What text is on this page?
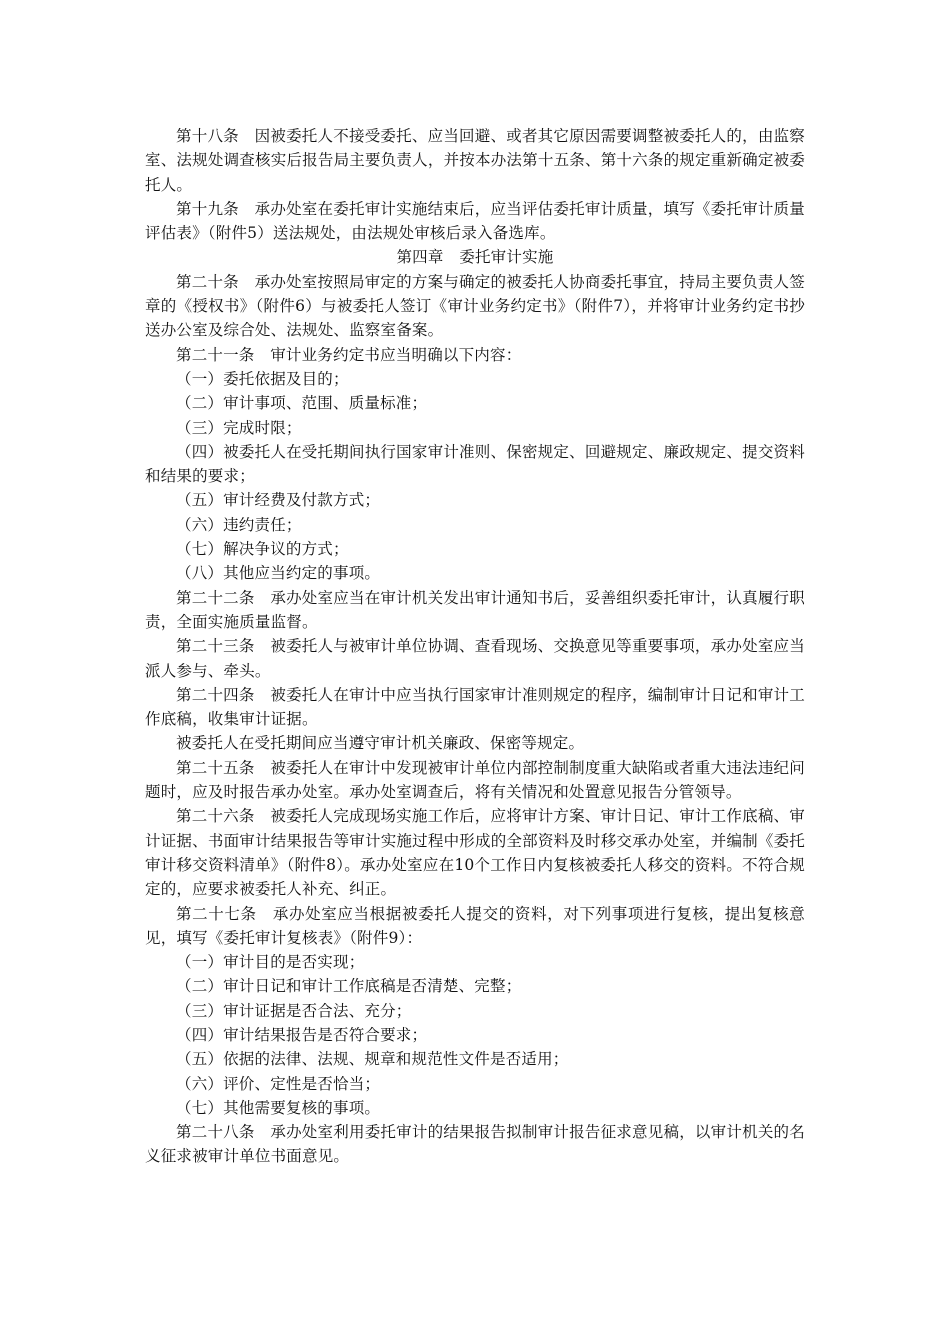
第十八条　因被委托人不接受委托、应当回避、或者其它原因需要调整被委托人的，由监察室、法规处调查核实后报告局主要负责人，并按本办法第十五条、第十六条的规定重新确定被委托人。

第十九条　承办处室在委托审计实施结束后，应当评估委托审计质量，填写《委托审计质量评估表》（附件5）送法规处，由法规处审核后录入备选库。

第四章　委托审计实施

第二十条　承办处室按照局审定的方案与确定的被委托人协商委托事宜，持局主要负责人签章的《授权书》（附件6）与被委托人签订《审计业务约定书》（附件7），并将审计业务约定书抄送办公室及综合处、法规处、监察室备案。

第二十一条　审计业务约定书应当明确以下内容：

（一）委托依据及目的；

（二）审计事项、范围、质量标准；

（三）完成时限；

（四）被委托人在受托期间执行国家审计准则、保密规定、回避规定、廉政规定、提交资料和结果的要求；

（五）审计经费及付款方式；

（六）违约责任；

（七）解决争议的方式；

（八）其他应当约定的事项。

第二十二条　承办处室应当在审计机关发出审计通知书后，妥善组织委托审计，认真履行职责，全面实施质量监督。

第二十三条　被委托人与被审计单位协调、查看现场、交换意见等重要事项，承办处室应当派人参与、牵头。

第二十四条　被委托人在审计中应当执行国家审计准则规定的程序，编制审计日记和审计工作底稿，收集审计证据。

被委托人在受托期间应当遵守审计机关廉政、保密等规定。

第二十五条　被委托人在审计中发现被审计单位内部控制制度重大缺陷或者重大违法违纪问题时，应及时报告承办处室。承办处室调查后，将有关情况和处置意见报告分管领导。

第二十六条　被委托人完成现场实施工作后，应将审计方案、审计日记、审计工作底稿、审计证据、书面审计结果报告等审计实施过程中形成的全部资料及时移交承办处室，并编制《委托审计移交资料清单》（附件8）。承办处室应在10个工作日内复核被委托人移交的资料。不符合规定的，应要求被委托人补充、纠正。

第二十七条　承办处室应当根据被委托人提交的资料，对下列事项进行复核，提出复核意见，填写《委托审计复核表》（附件9）：

（一）审计目的是否实现；

（二）审计日记和审计工作底稿是否清楚、完整；

（三）审计证据是否合法、充分；

（四）审计结果报告是否符合要求；

（五）依据的法律、法规、规章和规范性文件是否适用；

（六）评价、定性是否恰当；

（七）其他需要复核的事项。

第二十八条　承办处室利用委托审计的结果报告拟制审计报告征求意见稿，以审计机关的名义征求被审计单位书面意见。
